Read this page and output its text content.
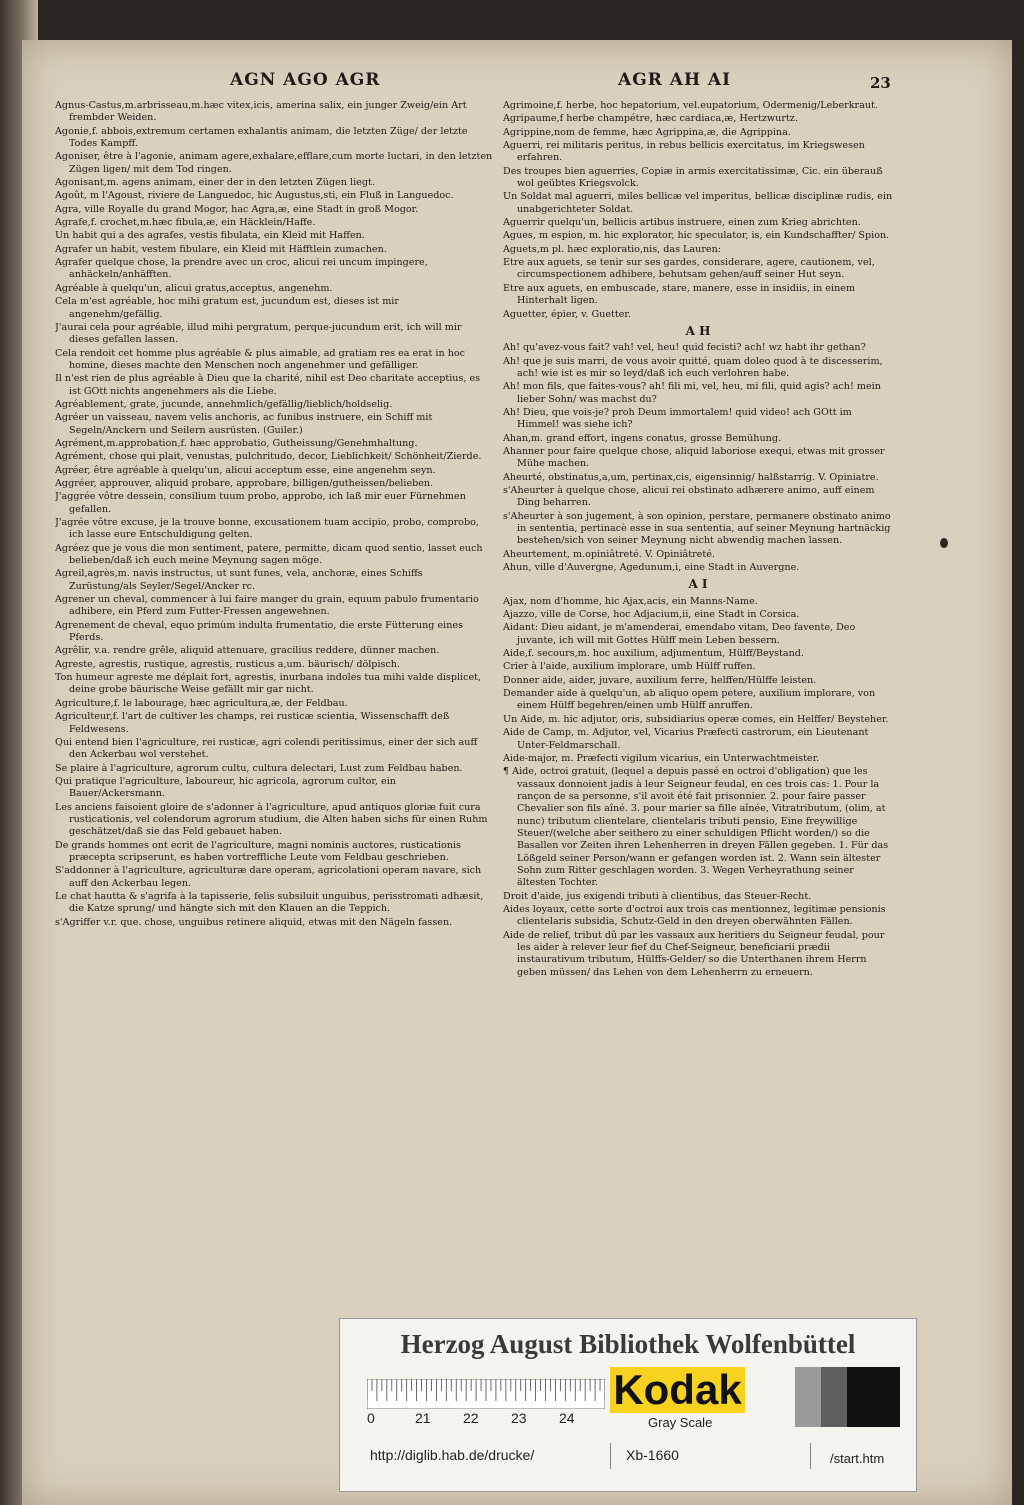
AGN AGO AGR	AGR AH AI	23
Agnus-Castus,m.arbrisseau,m.hæc vitex,icis, amerina salix, ein junger Zweig/ein Art frembder Weiden.
Agonie,f. abbois,extremum certamen exhalantis animam, die letzten Züge/ der letzte Todes Kampff.
Agoniser, être à l'agonie, animam agere,exhalare,efflare,cum morte luctari, in den letzten Zügen ligen/ mit dem Tod ringen.
Agonisant,m. agens animam, einer der in den letzten Zügen liegt.
Agoût, m l'Agoust, riviere de Languedoc, hic Augustus,sti, ein Fluß in Languedoc.
Agra, ville Royalle du grand Mogor, hac Agra,æ, eine Stadt in groß Mogor.
Agrafe,f. crochet,m.hæc fibula,æ, ein Häcklein/Haffe.
Un habit qui a des agrafes, vestis fibulata, ein Kleid mit Haffen.
Agrafer un habit, vestem fibulare, ein Kleid mit Häfftlein zumachen.
Agrafer quelque chose, la prendre avec un croc, alicui rei uncum impingere, anhäckeln/anhäfften.
Agréable à quelqu'un, alicui gratus,acceptus, angenehm.
Cela m'est agréable, hoc mihi gratum est, jucundum est, dieses ist mir angenehm/gefällig.
J'aurai cela pour agréable, illud mihi pergratum, perque-jucundum erit, ich will mir dieses gefallen lassen.
Cela rendoit cet homme plus agréable & plus aimable, ad gratiam res ea erat in hoc homine, dieses machte den Menschen noch angenehmer und gefälliger.
Il n'est rien de plus agréable à Dieu que la charité, nihil est Deo charitate acceptius, es ist GOtt nichts angenehmers als die Liebe.
Agréablement, grate, jucunde, annehmlich/gefällig/lieblich/holdselig.
Agréer un vaisseau, navem velis anchoris, ac funibus instruere, ein Schiff mit Segeln/Anckern und Seilern ausrüsten. (Guiler.)
Agrément,m.approbation,f. hæc approbatio, Gutheissung/Genehmhaltung.
Agrément, chose qui plait, venustas, pulchritudo, decor, Lieblichkeit/ Schönheit/Zierde.
Agréer, être agréable à quelqu'un, alicui acceptum esse, eine angenehm seyn.
Aggréer, approuver, aliquid probare, approbare, billigen/gutheissen/belieben.
J'aggrée vôtre dessein, consilium tuum probo, approbo, ich laß mir euer Fürnehmen gefallen.
J'agrée vôtre excuse, je la trouve bonne, excusationem tuam accipio, probo, comprobo, ich lasse eure Entschuldigung gelten.
Agréez que je vous die mon sentiment, patere, permitte, dicam quod sentio, lasset euch belieben/daß ich euch meine Meynung sagen möge.
Agreil,agrès,m. navis instructus, ut sunt funes, vela, anchoræ, eines Schiffs Zurüstung/als Seyler/Segel/Ancker rc.
Agrener un cheval, commencer à lui faire manger du grain, equum pabulo frumentario adhibere, ein Pferd zum Futter-Fressen angewehnen.
Agrenement de cheval, equo primùm indulta frumentatio, die erste Fütterung eines Pferds.
Agrêlir, v.a. rendre grêle, aliquid attenuare, gracilius reddere, dünner machen.
Agreste, agrestis, rustique, agrestis, rusticus a,um. bäurisch/ dölpisch.
Ton humeur agreste me déplait fort, agrestis, inurbana indoles tua mihi valde displicet, deine grobe bäurische Weise gefällt mir gar nicht.
Agriculture,f. le labourage, hæc agricultura,æ, der Feldbau.
Agriculteur,f. l'art de cultiver les champs, rei rusticæ scientia, Wissenschafft deß Feldwesens.
Qui entend bien l'agriculture, rei rusticæ, agri colendi peritissimus, einer der sich auff den Ackerbau wol verstehet.
Se plaire à l'agriculture, agrorum cultu, cultura delectari, Lust zum Feldbau haben.
Qui pratique l'agriculture, laboureur, hic agricola, agrorum cultor, ein Bauer/Ackersmann.
Les anciens faisoient gloire de s'adonner à l'agriculture, apud antiquos gloriæ fuit cura rusticationis, vel colendorum agrorum studium, die Alten haben sichs für einen Ruhm geschätzet/daß sie das Feld gebauet haben.
De grands hommes ont ecrit de l'agriculture, magni nominis auctores, rusticationis præcepta scripserunt, es haben vortreffliche Leute vom Feldbau geschrieben.
S'addonner à l'agriculture, agriculturæ dare operam, agricolationi operam navare, sich auff den Ackerbau legen.
Le chat hautta & s'agrifa à la tapisserie, felis subsiluit unguibus, perisstromati adhæsit, die Katze sprung/ und hängte sich mit den Klauen an die Teppich.
s'Agriffer v.r. que. chose, unguibus retinere aliquid, etwas mit den Nägeln fassen.
Agrimoine,f. herbe, hoc hepatorium, vel.eupatorium, Odermenig/Leberkraut.
Agripaume,f herbe champétre, hæc cardiaca,æ, Hertzwurtz.
Agrippine,nom de femme, hæc Agrippina,æ, die Agrippina.
Aguerri, rei militaris peritus, in rebus bellicis exercitatus, im Kriegswesen erfahren.
Des troupes bien aguerries, Copiæ in armis exercitatissimæ, Cic. ein überauß wol geübtes Kriegsvolck.
Un Soldat mal aguerri, miles bellicæ vel imperitus, bellicæ disciplinæ rudis, ein unabgerichteter Soldat.
Aguerrir quelqu'un, bellicis artibus instruere, einen zum Krieg abrichten.
Agues, m espion, m. hic explorator, hic speculator, is, ein Kundschaffter/ Spion.
Aguets,m pl. hæc exploratio,nis, das Lauren:
Etre aux aguets, se tenir sur ses gardes, considerare, agere, cautionem, vel, circumspectionem adhibere, behutsam gehen/auff seiner Hut seyn.
Etre aux aguets, en embuscade, stare, manere, esse in insidiis, in einem Hinterhalt ligen.
Aguetter, épier, v. Guetter.
A H
Ah! qu'avez-vous fait? vah! vel, heu! quid fecisti? ach! wz habt ihr gethan?
Ah! que je suis marri, de vous avoir quitté, quam doleo quod à te discesserim, ach! wie ist es mir so leyd/daß ich euch verlohren habe.
Ah! mon fils, que faites-vous? ah! fili mi, vel, heu, mi fili, quid agis? ach! mein lieber Sohn/ was machst du?
Ah! Dieu, que vois-je? proh Deum immortalem! quid video! ach GOtt im Himmel! was siehe ich?
Ahan,m. grand effort, ingens conatus, grosse Bemühung.
Ahanner pour faire quelque chose, aliquid laboriose exequi, etwas mit grosser Mühe machen.
Aheurté, obstinatus,a,um, pertinax,cis, eigensinnig/ halßstarrig. V. Opiniatre.
s'Aheurter à quelque chose, alicui rei obstinato adhærere animo, auff einem Ding beharren.
s'Aheurter à son jugement, à son opinion, perstare, permanere obstinato animo in sententia, pertinacè esse in sua sententia, auf seiner Meynung hartnäckig bestehen/sich von seiner Meynung nicht abwendig machen lassen.
Aheurtement, m.opiniâtreté. V. Opiniâtreté.
Ahun, ville d'Auvergne, Agedunum,i, eine Stadt in Auvergne.
A I
Ajax, nom d'homme, hic Ajax,acis, ein Manns-Name.
Ajazzo, ville de Corse, hoc Adjacium,ii, eine Stadt in Corsica.
Aidant: Dieu aidant, je m'amenderai, emendabo vitam, Deo favente, Deo juvante, ich will mit Gottes Hülff mein Leben bessern.
Aide,f. secours,m. hoc auxilium, adjumentum, Hülff/Beystand.
Crier à l'aide, auxilium implorare, umb Hülff ruffen.
Donner aide, aider, juvare, auxilium ferre, helffen/Hülffe leisten.
Demander aide à quelqu'un, ab aliquo opem petere, auxilium implorare, von einem Hülff begehren/einen umb Hülff anruffen.
Un Aide, m. hic adjutor, oris, subsidiarius operæ comes, ein Helffer/ Beysteher.
Aide de Camp, m. Adjutor, vel, Vicarius Præfecti castrorum, ein Lieutenant Unter-Feldmarschall.
Aide-major, m. Præfecti vigilum vicarius, ein Unterwachtmeister.
¶ Aide, octroi gratuit, (lequel a depuis passé en octroi d'obligation) que les vassaux donnoient jadis à leur Seigneur feudal, en ces trois cas: 1. Pour la rançon de sa personne, s'il avoit été fait prisonnier. 2. pour faire passer Chevalier son fils aîné. 3. pour marier sa fille aînée, Vitratributum, (olim, at nunc) tributum clientelare, clientelaris tributi pensio, Eine freywillige Steuer/(welche aber seithero zu einer schuldigen Pflicht worden/) so die Basallen vor Zeiten ihren Lehenherren in dreyen Fällen gegeben. 1. Für das Lößgeld seiner Person/wann er gefangen worden ist. 2. Wann sein ältester Sohn zum Ritter geschlagen worden. 3. Wegen Verheyrathung seiner ältesten Tochter.
Droit d'aide, jus exigendi tributi à clientibus, das Steuer-Recht.
Aides loyaux, cette sorte d'octroi aux trois cas mentionnez, legitimæ pensionis clientelaris subsidia, Schutz-Geld in den dreyen oberwähnten Fällen.
Aide de relief, tribut dû par les vassaux aux heritiers du Seigneur feudal, pour les aider à relever leur fief du Chef-Seigneur, beneficiarii prædii instaurativum tributum, Hülffs-Gelder/ so die Unterthanen ihrem Herrn geben müssen/ das Lehen von dem Lehenherrn zu erneuern.
Herzog August Bibliothek Wolfenbüttel
0	21 22 23 24
Kodak
Gray Scale
http://diglib.hab.de/drucke/	Xb-1660	/start.htm
